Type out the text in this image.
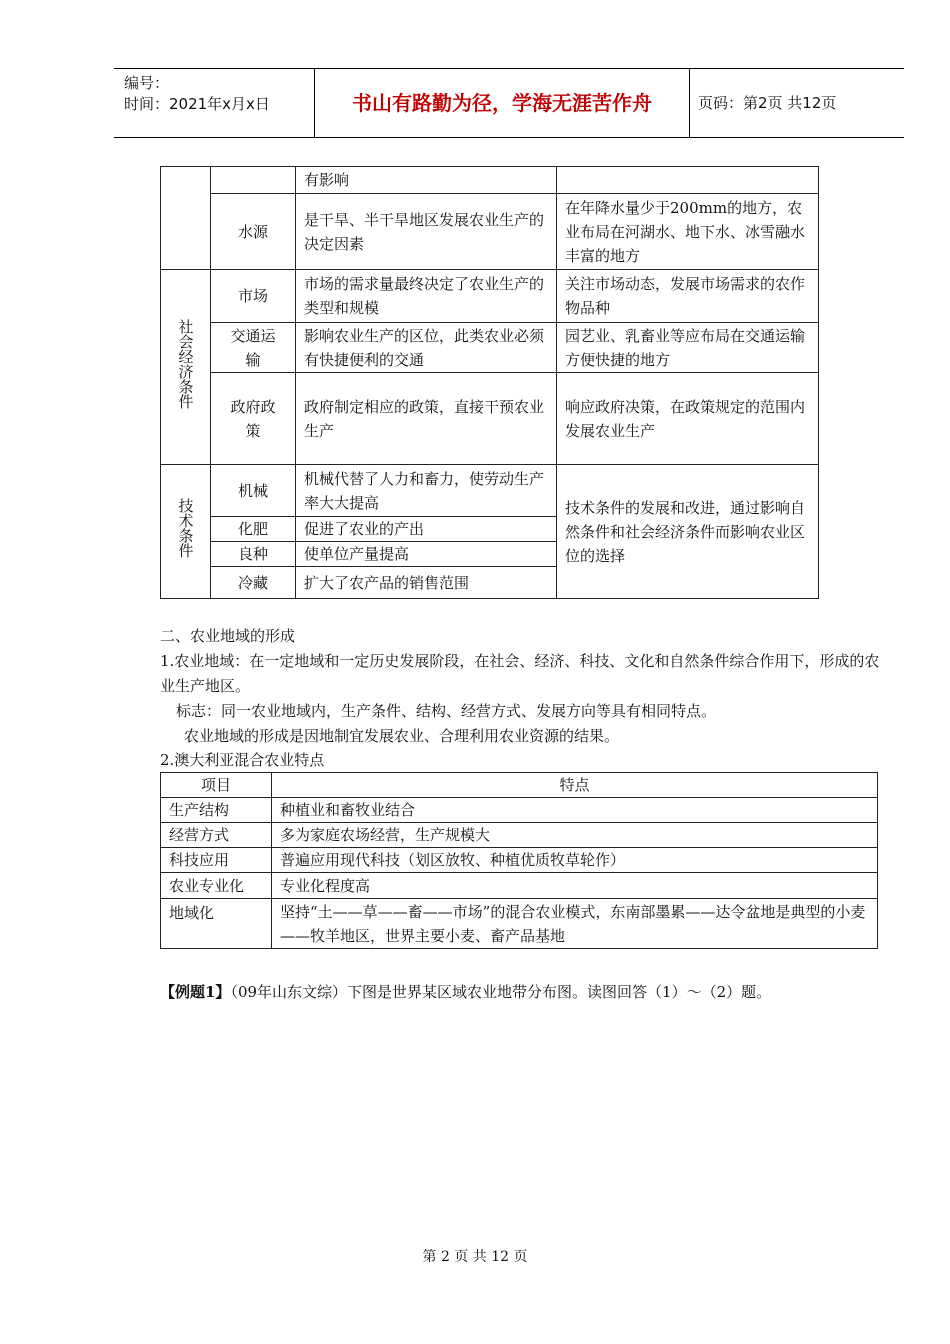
编号：
时间：2021年x月x日	书山有路勤为径，学海无涯苦作舟	页码：第2页 共12页
		有影响	
	水源	是干旱、半干旱地区发展农业生产的决定因素	在年降水量少于200mm的地方，农业布局在河湖水、地下水、冰雪融水丰富的地方
社会经济条件	市场	市场的需求量最终决定了农业生产的类型和规模	关注市场动态，发展市场需求的农作物品种
	交通运输	影响农业生产的区位，此类农业必须有快捷便利的交通	园艺业、乳畜业等应布局在交通运输方便快捷的地方
	政府政策	政府制定相应的政策，直接干预农业生产	响应政府决策，在政策规定的范围内发展农业生产
技术条件	机械	机械代替了人力和畜力，使劳动生产率大大提高	技术条件的发展和改进，通过影响自然条件和社会经济条件而影响农业区位的选择
	化肥	促进了农业的产出	
	良种	使单位产量提高	
	冷藏	扩大了农产品的销售范围	
二、农业地域的形成
1.农业地域：在一定地域和一定历史发展阶段，在社会、经济、科技、文化和自然条件综合作用下，形成的农业生产地区。
标志：同一农业地域内，生产条件、结构、经营方式、发展方向等具有相同特点。
农业地域的形成是因地制宜发展农业、合理利用农业资源的结果。
2.澳大利亚混合农业特点
项目	特点
生产结构	种植业和畜牧业结合
经营方式	多为家庭农场经营，生产规模大
科技应用	普遍应用现代科技（划区放牧、种植优质牧草轮作）
农业专业化	专业化程度高
地域化	坚持“土——草——畜——市场”的混合农业模式，东南部墨累——达令盆地是典型的小麦——牧羊地区，世界主要小麦、畜产品基地
【例题1】（09年山东文综）下图是世界某区域农业地带分布图。读图回答（1）～（2）题。
第 2 页 共 12 页
